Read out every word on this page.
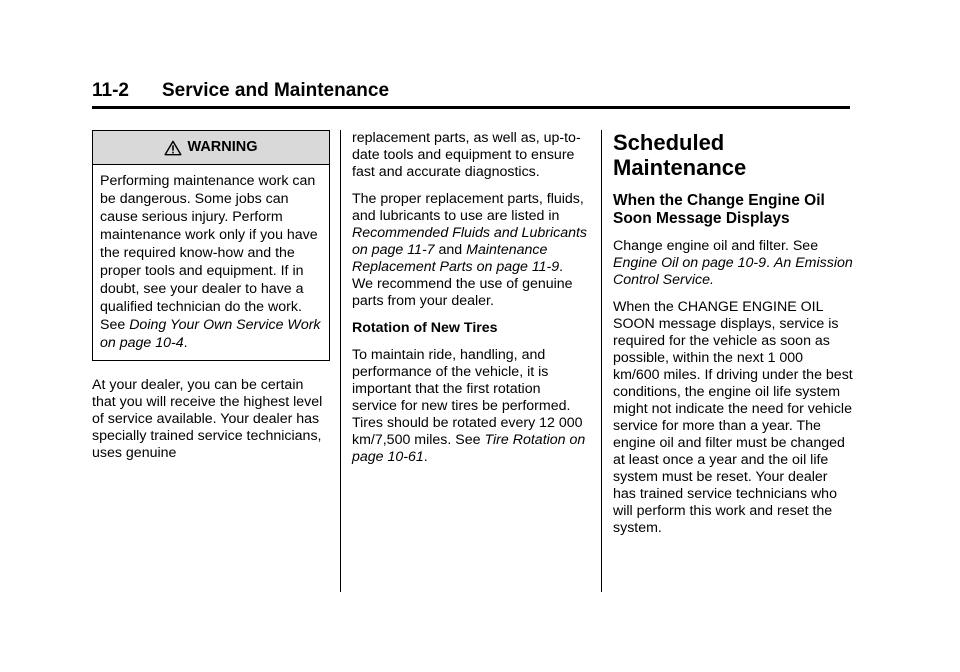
11-2	Service and Maintenance
WARNING
Performing maintenance work can be dangerous. Some jobs can cause serious injury. Perform maintenance work only if you have the required know-how and the proper tools and equipment. If in doubt, see your dealer to have a qualified technician do the work. See Doing Your Own Service Work on page 10-4.

At your dealer, you can be certain that you will receive the highest level of service available. Your dealer has specially trained service technicians, uses genuine

replacement parts, as well as, up-to-date tools and equipment to ensure fast and accurate diagnostics.

The proper replacement parts, fluids, and lubricants to use are listed in Recommended Fluids and Lubricants on page 11-7 and Maintenance Replacement Parts on page 11-9. We recommend the use of genuine parts from your dealer.

Rotation of New Tires

To maintain ride, handling, and performance of the vehicle, it is important that the first rotation service for new tires be performed. Tires should be rotated every 12 000 km/7,500 miles. See Tire Rotation on page 10-61.

Scheduled Maintenance
When the Change Engine Oil Soon Message Displays

Change engine oil and filter. See Engine Oil on page 10-9. An Emission Control Service.

When the CHANGE ENGINE OIL SOON message displays, service is required for the vehicle as soon as possible, within the next 1 000 km/600 miles. If driving under the best conditions, the engine oil life system might not indicate the need for vehicle service for more than a year. The engine oil and filter must be changed at least once a year and the oil life system must be reset. Your dealer has trained service technicians who will perform this work and reset the system.
